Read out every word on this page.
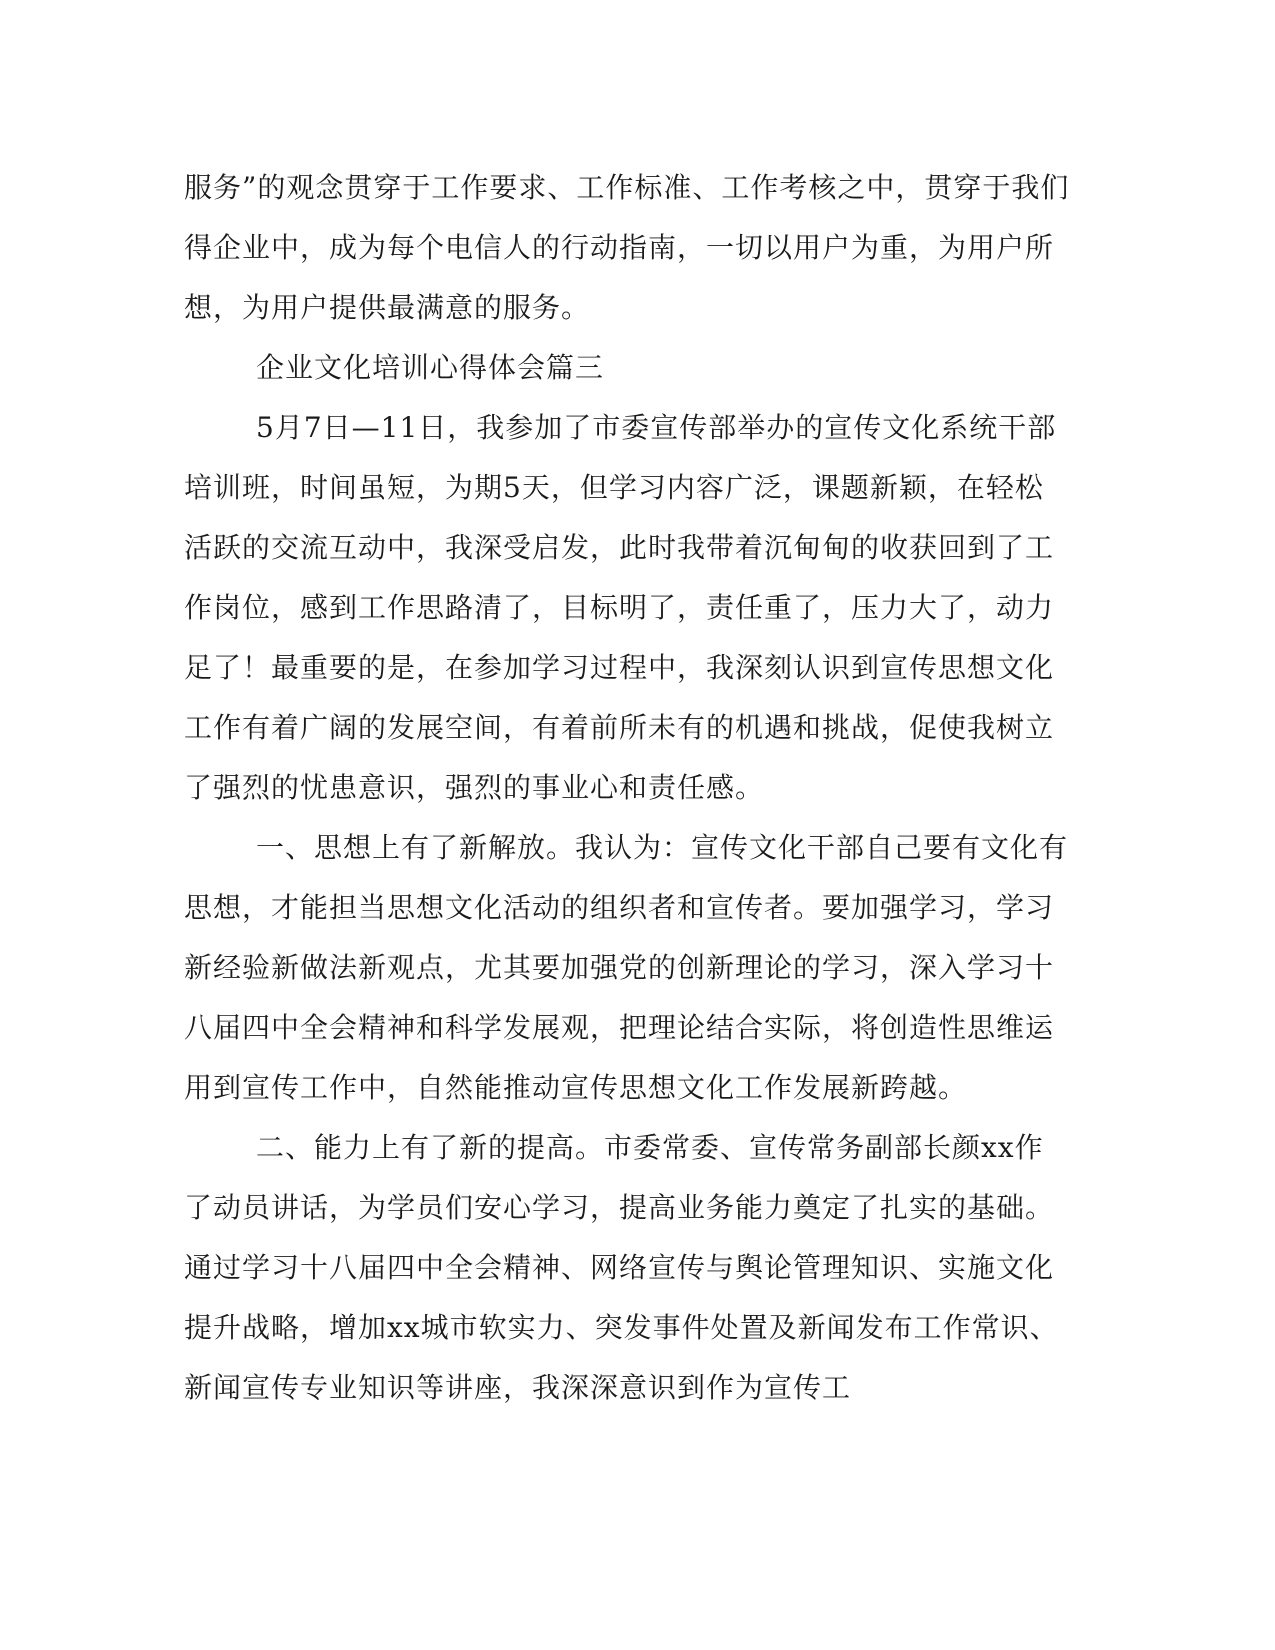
服务”的观念贯穿于工作要求、工作标准、工作考核之中，贯穿于我们
得企业中，成为每个电信人的行动指南，一切以用户为重，为用户所
想，为用户提供最满意的服务。
企业文化培训心得体会篇三
5月7日—11日，我参加了市委宣传部举办的宣传文化系统干部
培训班，时间虽短，为期5天，但学习内容广泛，课题新颖，在轻松
活跃的交流互动中，我深受启发，此时我带着沉甸甸的收获回到了工
作岗位，感到工作思路清了，目标明了，责任重了，压力大了，动力
足了！最重要的是，在参加学习过程中，我深刻认识到宣传思想文化
工作有着广阔的发展空间，有着前所未有的机遇和挑战，促使我树立
了强烈的忧患意识，强烈的事业心和责任感。
一、思想上有了新解放。我认为：宣传文化干部自己要有文化有
思想，才能担当思想文化活动的组织者和宣传者。要加强学习，学习
新经验新做法新观点，尤其要加强党的创新理论的学习，深入学习十
八届四中全会精神和科学发展观，把理论结合实际，将创造性思维运
用到宣传工作中，自然能推动宣传思想文化工作发展新跨越。
二、能力上有了新的提高。市委常委、宣传常务副部长颜xx作
了动员讲话，为学员们安心学习，提高业务能力奠定了扎实的基础。
通过学习十八届四中全会精神、网络宣传与舆论管理知识、实施文化
提升战略，增加xx城市软实力、突发事件处置及新闻发布工作常识、
新闻宣传专业知识等讲座，我深深意识到作为宣传工
